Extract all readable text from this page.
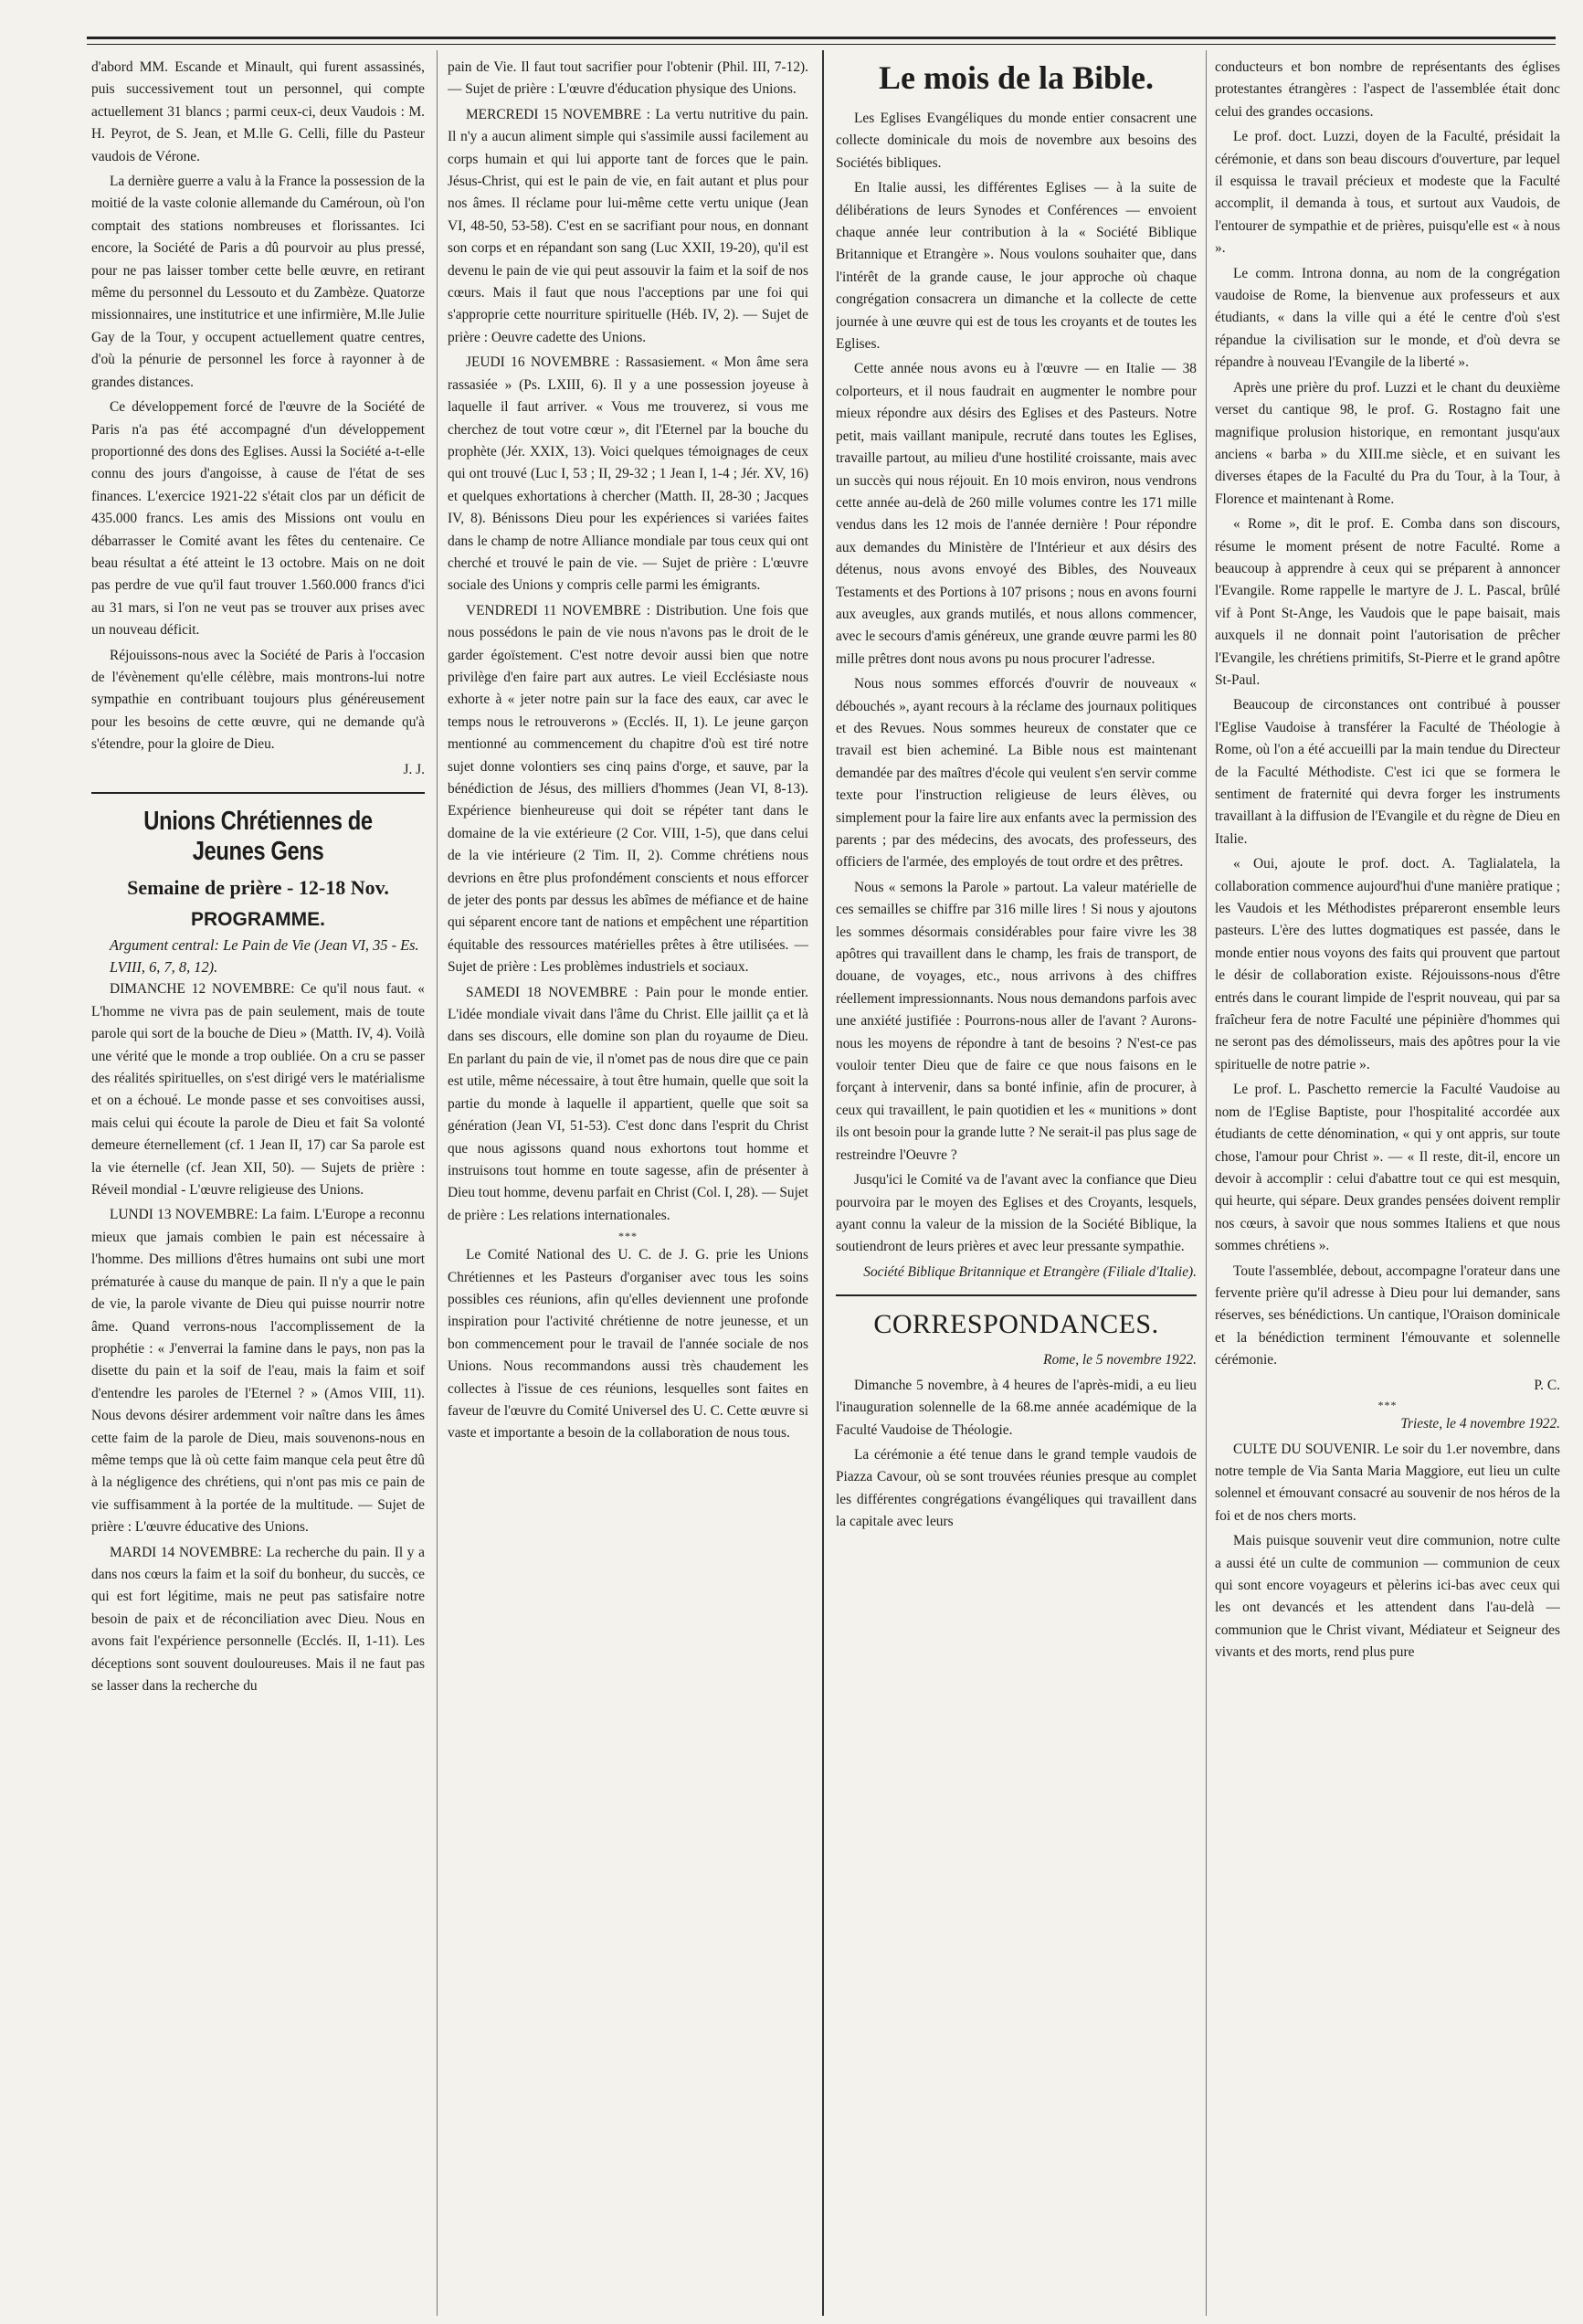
d'abord MM. Escande et Minault, qui furent assassinés, puis successivement tout un personnel, qui compte actuellement 31 blancs ; parmi ceux-ci, deux Vaudois : M. H. Peyrot, de S. Jean, et M.lle G. Celli, fille du Pasteur vaudois de Vérone.

La dernière guerre a valu à la France la possession de la moitié de la vaste colonie allemande du Caméroun, où l'on comptait des stations nombreuses et florissantes. Ici encore, la Société de Paris a dû pourvoir au plus pressé, pour ne pas laisser tomber cette belle œuvre, en retirant même du personnel du Lessouto et du Zambèze. Quatorze missionnaires, une institutrice et une infirmière, M.lle Julie Gay de la Tour, y occupent actuellement quatre centres, d'où la pénurie de personnel les force à rayonner à de grandes distances.

Ce développement forcé de l'œuvre de la Société de Paris n'a pas été accompagné d'un développement proportionné des dons des Eglises. Aussi la Société a-t-elle connu des jours d'angoisse, à cause de l'état de ses finances. L'exercice 1921-22 s'était clos par un déficit de 435.000 francs. Les amis des Missions ont voulu en débarrasser le Comité avant les fêtes du centenaire. Ce beau résultat a été atteint le 13 octobre. Mais on ne doit pas perdre de vue qu'il faut trouver 1.560.000 francs d'ici au 31 mars, si l'on ne veut pas se trouver aux prises avec un nouveau déficit.

Réjouissons-nous avec la Société de Paris à l'occasion de l'évènement qu'elle célèbre, mais montrons-lui notre sympathie en contribuant toujours plus généreusement pour les besoins de cette œuvre, qui ne demande qu'à s'étendre, pour la gloire de Dieu.

J. J.
Unions Chrétiennes de Jeunes Gens
Semaine de prière - 12-18 Nov.
PROGRAMME.
Argument central: Le Pain de Vie (Jean VI, 35 - Es. LVIII, 6, 7, 8, 12).

DIMANCHE 12 NOVEMBRE: Ce qu'il nous faut. « L'homme ne vivra pas de pain seulement, mais de toute parole qui sort de la bouche de Dieu » (Matth. IV, 4). Voilà une vérité que le monde a trop oubliée. On a cru se passer des réalités spirituelles, on s'est dirigé vers le matérialisme et on a échoué. Le monde passe et ses convoitises aussi, mais celui qui écoute la parole de Dieu et fait Sa volonté demeure éternellement (cf. 1 Jean II, 17) car Sa parole est la vie éternelle (cf. Jean XII, 50). — Sujets de prière : Réveil mondial - L'œuvre religieuse des Unions.

LUNDI 13 NOVEMBRE: La faim. L'Europe a reconnu mieux que jamais combien le pain est nécessaire à l'homme. Des millions d'êtres humains ont subi une mort prématurée à cause du manque de pain. Il n'y a que le pain de vie, la parole vivante de Dieu qui puisse nourrir notre âme. Quand verrons-nous l'accomplissement de la prophétie : « J'enverrai la famine dans le pays, non pas la disette du pain et la soif de l'eau, mais la faim et soif d'entendre les paroles de l'Eternel ? » (Amos VIII, 11). Nous devons désirer ardemment voir naître dans les âmes cette faim de la parole de Dieu, mais souvenons-nous en même temps que là où cette faim manque cela peut être dû à la négligence des chrétiens, qui n'ont pas mis ce pain de vie suffisamment à la portée de la multitude. — Sujet de prière : L'œuvre éducative des Unions.

MARDI 14 NOVEMBRE: La recherche du pain. Il y a dans nos cœurs la faim et la soif du bonheur, du succès, ce qui est fort légitime, mais ne peut pas satisfaire notre besoin de paix et de réconciliation avec Dieu. Nous en avons fait l'expérience personnelle (Ecclés. II, 1-11). Les déceptions sont souvent douloureuses. Mais il ne faut pas se lasser dans la recherche du

pain de Vie. Il faut tout sacrifier pour l'obtenir (Phil. III, 7-12). — Sujet de prière : L'œuvre d'éducation physique des Unions.

MERCREDI 15 NOVEMBRE : La vertu nutritive du pain. Il n'y a aucun aliment simple qui s'assimile aussi facilement au corps humain et qui lui apporte tant de forces que le pain. Jésus-Christ, qui est le pain de vie, en fait autant et plus pour nos âmes. Il réclame pour lui-même cette vertu unique (Jean VI, 48-50, 53-58). C'est en se sacrifiant pour nous, en donnant son corps et en répandant son sang (Luc XXII, 19-20), qu'il est devenu le pain de vie qui peut assouvir la faim et la soif de nos cœurs. Mais il faut que nous l'acceptions par une foi qui s'approprie cette nourriture spirituelle (Héb. IV, 2). — Sujet de prière : Oeuvre cadette des Unions.

JEUDI 16 NOVEMBRE : Rassasiement. « Mon âme sera rassasiée » (Ps. LXIII, 6). Il y a une possession joyeuse à laquelle il faut arriver. « Vous me trouverez, si vous me cherchez de tout votre cœur », dit l'Eternel par la bouche du prophète (Jér. XXIX, 13). Voici quelques témoignages de ceux qui ont trouvé (Luc I, 53 ; II, 29-32 ; 1 Jean I, 1-4 ; Jér. XV, 16) et quelques exhortations à chercher (Matth. II, 28-30 ; Jacques IV, 8). Bénissons Dieu pour les expériences si variées faites dans le champ de notre Alliance mondiale par tous ceux qui ont cherché et trouvé le pain de vie. — Sujet de prière : L'œuvre sociale des Unions y compris celle parmi les émigrants.

VENDREDI 11 NOVEMBRE : Distribution. Une fois que nous possédons le pain de vie nous n'avons pas le droit de le garder égoïstement. C'est notre devoir aussi bien que notre privilège d'en faire part aux autres. Le vieil Ecclésiaste nous exhorte à « jeter notre pain sur la face des eaux, car avec le temps nous le retrouverons » (Ecclés. II, 1). Le jeune garçon mentionné au commencement du chapitre d'où est tiré notre sujet donne volontiers ses cinq pains d'orge, et sauve, par la bénédiction de Jésus, des milliers d'hommes (Jean VI, 8-13). Expérience bienheureuse qui doit se répéter tant dans le domaine de la vie extérieure (2 Cor. VIII, 1-5), que dans celui de la vie intérieure (2 Tim. II, 2). Comme chrétiens nous devrions en être plus profondément conscients et nous efforcer de jeter des ponts par dessus les abîmes de méfiance et de haine qui séparent encore tant de nations et empêchent une répartition équitable des ressources matérielles prêtes à être utilisées. — Sujet de prière : Les problèmes industriels et sociaux.

SAMEDI 18 NOVEMBRE : Pain pour le monde entier. L'idée mondiale vivait dans l'âme du Christ. Elle jaillit ça et là dans ses discours, elle domine son plan du royaume de Dieu. En parlant du pain de vie, il n'omet pas de nous dire que ce pain est utile, même nécessaire, à tout être humain, quelle que soit la partie du monde à laquelle il appartient, quelle que soit sa génération (Jean VI, 51-53). C'est donc dans l'esprit du Christ que nous agissons quand nous exhortons tout homme et instruisons tout homme en toute sagesse, afin de présenter à Dieu tout homme, devenu parfait en Christ (Col. I, 28). — Sujet de prière : Les relations internationales.

***

Le Comité National des U. C. de J. G. prie les Unions Chrétiennes et les Pasteurs d'organiser avec tous les soins possibles ces réunions, afin qu'elles deviennent une profonde inspiration pour l'activité chrétienne de notre jeunesse, et un bon commencement pour le travail de l'année sociale de nos Unions. Nous recommandons aussi très chaudement les collectes à l'issue de ces réunions, lesquelles sont faites en faveur de l'œuvre du Comité Universel des U. C. Cette œuvre si vaste et importante a besoin de la collaboration de nous tous.

Le mois de la Bible.

Les Eglises Evangéliques du monde entier consacrent une collecte dominicale du mois de novembre aux besoins des Sociétés bibliques.

En Italie aussi, les différentes Eglises — à la suite de délibérations de leurs Synodes et Conférences — envoient chaque année leur contribution à la « Société Biblique Britannique et Etrangère ». Nous voulons souhaiter que, dans l'intérêt de la grande cause, le jour approche où chaque congrégation consacrera un dimanche et la collecte de cette journée à une œuvre qui est de tous les croyants et de toutes les Eglises.

Cette année nous avons eu à l'œuvre — en Italie — 38 colporteurs, et il nous faudrait en augmenter le nombre pour mieux répondre aux désirs des Eglises et des Pasteurs. Notre petit, mais vaillant manipule, recruté dans toutes les Eglises, travaille partout, au milieu d'une hostilité croissante, mais avec un succès qui nous réjouit. En 10 mois environ, nous vendrons cette année au-delà de 260 mille volumes contre les 171 mille vendus dans les 12 mois de l'année dernière ! Pour répondre aux demandes du Ministère de l'Intérieur et aux désirs des détenus, nous avons envoyé des Bibles, des Nouveaux Testaments et des Portions à 107 prisons ; nous en avons fourni aux aveugles, aux grands mutilés, et nous allons commencer, avec le secours d'amis généreux, une grande œuvre parmi les 80 mille prêtres dont nous avons pu nous procurer l'adresse.

Nous nous sommes efforcés d'ouvrir de nouveaux « débouchés », ayant recours à la réclame des journaux politiques et des Revues. Nous sommes heureux de constater que ce travail est bien acheminé. La Bible nous est maintenant demandée par des maîtres d'école qui veulent s'en servir comme texte pour l'instruction religieuse de leurs élèves, ou simplement pour la faire lire aux enfants avec la permission des parents ; par des médecins, des avocats, des professeurs, des officiers de l'armée, des employés de tout ordre et des prêtres.

Nous « semons la Parole » partout. La valeur matérielle de ces semailles se chiffre par 316 mille lires ! Si nous y ajoutons les sommes désormais considérables pour faire vivre les 38 apôtres qui travaillent dans le champ, les frais de transport, de douane, de voyages, etc., nous arrivons à des chiffres réellement impressionnants. Nous nous demandons parfois avec une anxiété justifiée : Pourrons-nous aller de l'avant ? Aurons-nous les moyens de répondre à tant de besoins ? N'est-ce pas vouloir tenter Dieu que de faire ce que nous faisons en le forçant à intervenir, dans sa bonté infinie, afin de procurer, à ceux qui travaillent, le pain quotidien et les « munitions » dont ils ont besoin pour la grande lutte ? Ne serait-il pas plus sage de restreindre l'Oeuvre ?

Jusqu'ici le Comité va de l'avant avec la confiance que Dieu pourvoira par le moyen des Eglises et des Croyants, lesquels, ayant connu la valeur de la mission de la Société Biblique, la soutiendront de leurs prières et avec leur pressante sympathie.

Société Biblique Britannique et Etrangère (Filiale d'Italie).
CORRESPONDANCES.
Rome, le 5 novembre 1922.

Dimanche 5 novembre, à 4 heures de l'après-midi, a eu lieu l'inauguration solennelle de la 68.me année académique de la Faculté Vaudoise de Théologie.

La cérémonie a été tenue dans le grand temple vaudois de Piazza Cavour, où se sont trouvées réunies presque au complet les différentes congrégations évangéliques qui travaillent dans la capitale avec leurs

conducteurs et bon nombre de représentants des églises protestantes étrangères : l'aspect de l'assemblée était donc celui des grandes occasions.

Le prof. doct. Luzzi, doyen de la Faculté, présidait la cérémonie, et dans son beau discours d'ouverture, par lequel il esquissa le travail précieux et modeste que la Faculté accomplit, il demanda à tous, et surtout aux Vaudois, de l'entourer de sympathie et de prières, puisqu'elle est « à nous ».

Le comm. Introna donna, au nom de la congrégation vaudoise de Rome, la bienvenue aux professeurs et aux étudiants, « dans la ville qui a été le centre d'où s'est répandue la civilisation sur le monde, et d'où devra se répandre à nouveau l'Evangile de la liberté ».

Après une prière du prof. Luzzi et le chant du deuxième verset du cantique 98, le prof. G. Rostagno fait une magnifique prolusion historique, en remontant jusqu'aux anciens « barba » du XIII.me siècle, et en suivant les diverses étapes de la Faculté du Pra du Tour, à la Tour, à Florence et maintenant à Rome.

« Rome », dit le prof. E. Comba dans son discours, résume le moment présent de notre Faculté. Rome a beaucoup à apprendre à ceux qui se préparent à annoncer l'Evangile. Rome rappelle le martyre de J. L. Pascal, brûlé vif à Pont St-Ange, les Vaudois que le pape baisait, mais auxquels il ne donnait point l'autorisation de prêcher l'Evangile, les chrétiens primitifs, St-Pierre et le grand apôtre St-Paul.

Beaucoup de circonstances ont contribué à pousser l'Eglise Vaudoise à transférer la Faculté de Théologie à Rome, où l'on a été accueilli par la main tendue du Directeur de la Faculté Méthodiste. C'est ici que se formera le sentiment de fraternité qui devra forger les instruments travaillant à la diffusion de l'Evangile et du règne de Dieu en Italie.

« Oui, ajoute le prof. doct. A. Taglialatela, la collaboration commence aujourd'hui d'une manière pratique ; les Vaudois et les Méthodistes prépareront ensemble leurs pasteurs. L'ère des luttes dogmatiques est passée, dans le monde entier nous voyons des faits qui prouvent que partout le désir de collaboration existe. Réjouissons-nous d'être entrés dans le courant limpide de l'esprit nouveau, qui par sa fraîcheur fera de notre Faculté une pépinière d'hommes qui ne seront pas des démolisseurs, mais des apôtres pour la vie spirituelle de notre patrie ».

Le prof. L. Paschetto remercie la Faculté Vaudoise au nom de l'Eglise Baptiste, pour l'hospitalité accordée aux étudiants de cette dénomination, « qui y ont appris, sur toute chose, l'amour pour Christ ». — « Il reste, dit-il, encore un devoir à accomplir : celui d'abattre tout ce qui est mesquin, qui heurte, qui sépare. Deux grandes pensées doivent remplir nos cœurs, à savoir que nous sommes Italiens et que nous sommes chrétiens ».

Toute l'assemblée, debout, accompagne l'orateur dans une fervente prière qu'il adresse à Dieu pour lui demander, sans réserves, ses bénédictions. Un cantique, l'Oraison dominicale et la bénédiction terminent l'émouvante et solennelle cérémonie.

P. C.
***
Trieste, le 4 novembre 1922.

CULTE DU SOUVENIR. Le soir du 1.er novembre, dans notre temple de Via Santa Maria Maggiore, eut lieu un culte solennel et émouvant consacré au souvenir de nos héros de la foi et de nos chers morts.

Mais puisque souvenir veut dire communion, notre culte a aussi été un culte de communion — communion de ceux qui sont encore voyageurs et pèlerins ici-bas avec ceux qui les ont devancés et les attendent dans l'au-delà — communion que le Christ vivant, Médiateur et Seigneur des vivants et des morts, rend plus pure
